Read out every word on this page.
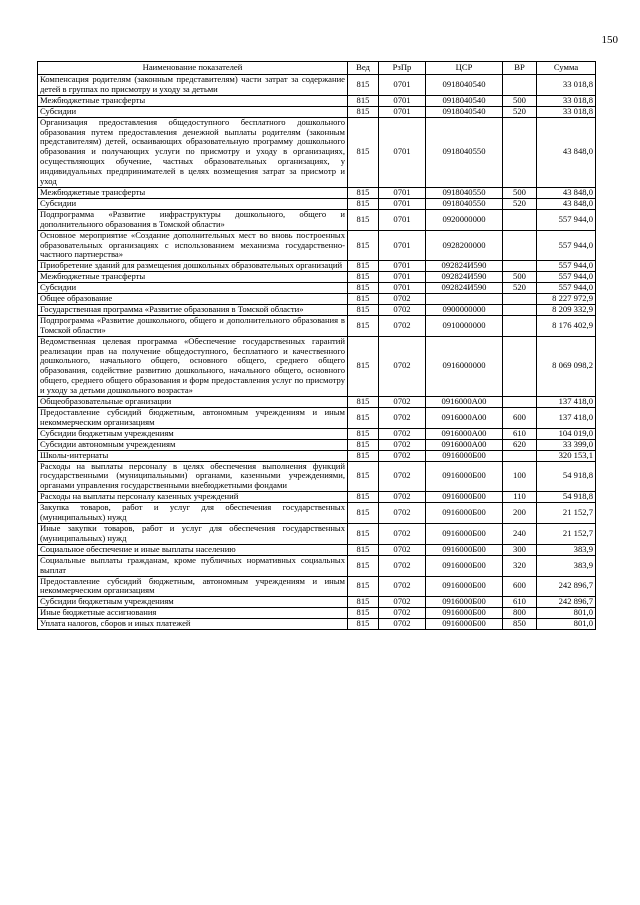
150
Наименование показателей	Вед	РзПр	ЦСР	ВР	Сумма
Компенсация родителям (законным представителям) части затрат за содержание детей в группах по присмотру и уходу за детьми	815	0701	0918040540		33 018,8
Межбюджетные трансферты	815	0701	0918040540	500	33 018,8
Субсидии	815	0701	0918040540	520	33 018,8
Организация предоставления общедоступного бесплатного дошкольного образования путем предоставления денежной выплаты родителям (законным представителям) детей, осваивающих образовательную программу дошкольного образования и получающих услуги по присмотру и уходу в организациях, осуществляющих обучение, частных образовательных организациях, у индивидуальных предпринимателей в целях возмещения затрат за присмотр и уход	815	0701	0918040550		43 848,0
Межбюджетные трансферты	815	0701	0918040550	500	43 848,0
Субсидии	815	0701	0918040550	520	43 848,0
Подпрограмма «Развитие инфраструктуры дошкольного, общего и дополнительного образования в Томской области»	815	0701	0920000000		557 944,0
Основное мероприятие «Создание дополнительных мест во вновь построенных образовательных организациях с использованием механизма государственно-частного партнерства»	815	0701	0928200000		557 944,0
Приобретение зданий для размещения дошкольных образовательных организаций	815	0701	092824И590		557 944,0
Межбюджетные трансферты	815	0701	092824И590	500	557 944,0
Субсидии	815	0701	092824И590	520	557 944,0
Общее образование	815	0702			8 227 972,9
Государственная программа «Развитие образования в Томской области»	815	0702	0900000000		8 209 332,9
Подпрограмма «Развитие дошкольного, общего и дополнительного образования в Томской области»	815	0702	0910000000		8 176 402,9
Ведомственная целевая программа «Обеспечение государственных гарантий реализации прав на получение общедоступного, бесплатного и качественного дошкольного, начального общего, основного общего, среднего общего образования, содействие развитию дошкольного, начального общего, основного общего, среднего общего образования и форм предоставления услуг по присмотру и уходу за детьми дошкольного возраста»	815	0702	0916000000		8 069 098,2
Общеобразовательные организации	815	0702	0916000А00		137 418,0
Предоставление субсидий бюджетным, автономным учреждениям и иным некоммерческим организациям	815	0702	0916000А00	600	137 418,0
Субсидии бюджетным учреждениям	815	0702	0916000А00	610	104 019,0
Субсидии автономным учреждениям	815	0702	0916000А00	620	33 399,0
Школы-интернаты	815	0702	0916000Б00		320 153,1
Расходы на выплаты персоналу в целях обеспечения выполнения функций государственными (муниципальными) органами, казенными учреждениями, органами управления государственными внебюджетными фондами	815	0702	0916000Б00	100	54 918,8
Расходы на выплаты персоналу казенных учреждений	815	0702	0916000Б00	110	54 918,8
Закупка товаров, работ и услуг для обеспечения государственных (муниципальных) нужд	815	0702	0916000Б00	200	21 152,7
Иные закупки товаров, работ и услуг для обеспечения государственных (муниципальных) нужд	815	0702	0916000Б00	240	21 152,7
Социальное обеспечение и иные выплаты населению	815	0702	0916000Б00	300	383,9
Социальные выплаты гражданам, кроме публичных нормативных социальных выплат	815	0702	0916000Б00	320	383,9
Предоставление субсидий бюджетным, автономным учреждениям и иным некоммерческим организациям	815	0702	0916000Б00	600	242 896,7
Субсидии бюджетным учреждениям	815	0702	0916000Б00	610	242 896,7
Иные бюджетные ассигнования	815	0702	0916000Б00	800	801,0
Уплата налогов, сборов и иных платежей	815	0702	0916000Б00	850	801,0
